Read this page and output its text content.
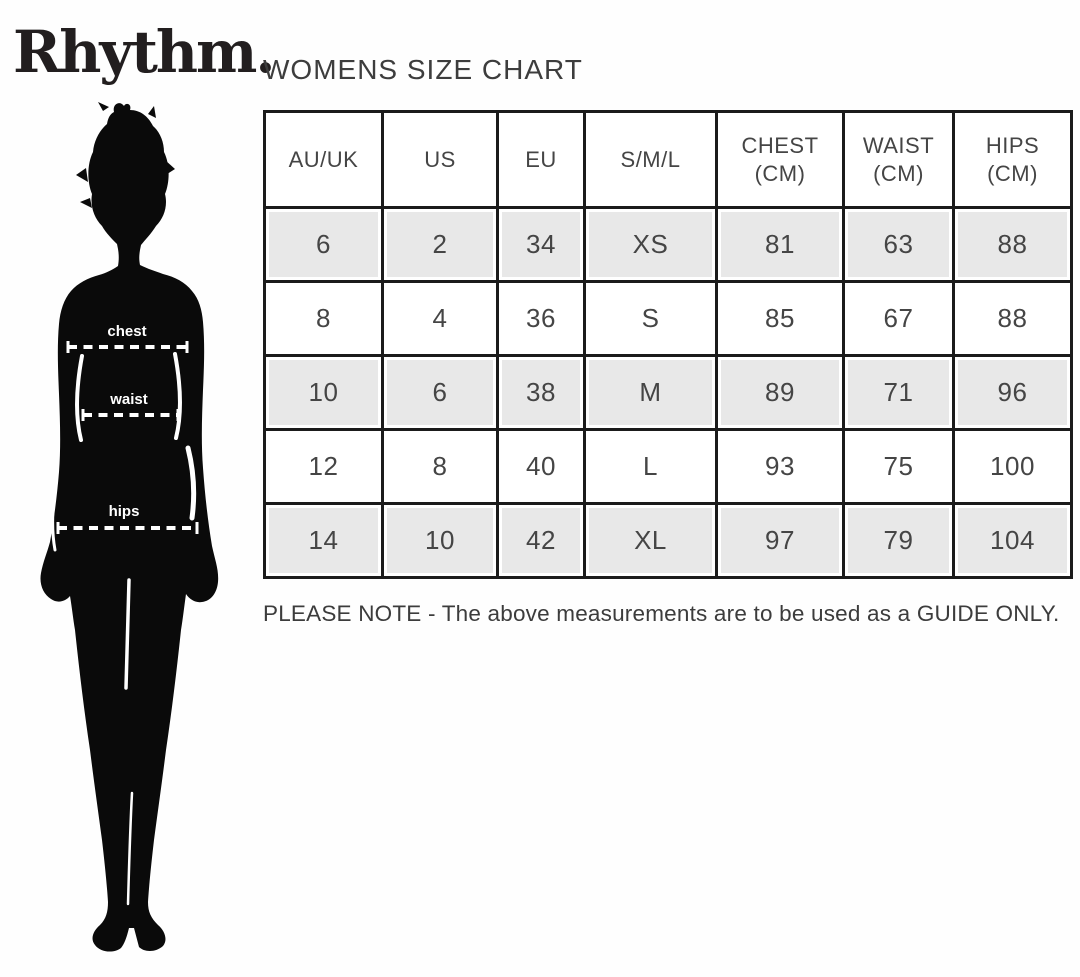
Rhythm.
WOMENS SIZE CHART
chest
waist
hips
AU/UK	US	EU	S/M/L	CHEST (CM)	WAIST (CM)	HIPS (CM)
6	2	34	XS	81	63	88
8	4	36	S	85	67	88
10	6	38	M	89	71	96
12	8	40	L	93	75	100
14	10	42	XL	97	79	104
PLEASE NOTE - The above measurements are to be used as a GUIDE ONLY.
